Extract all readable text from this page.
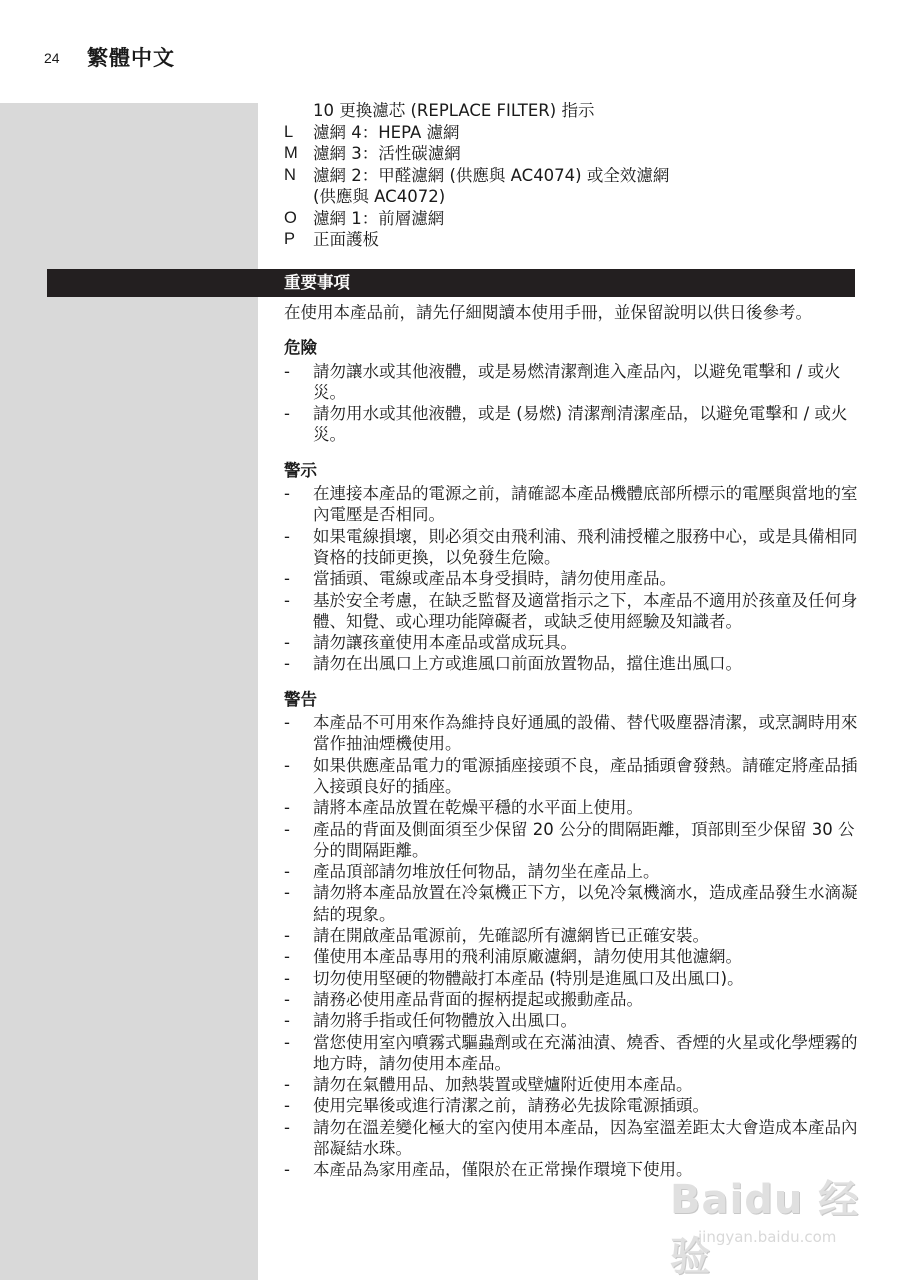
24 繁體中文
10 更換濾芯 (REPLACE FILTER) 指示
L	濾網 4：HEPA 濾網
M 濾網 3：活性碳濾網
N	濾網 2：甲醛濾網 (供應與 AC4074) 或全效濾網
(供應與 AC4072)
O 濾網 1：前層濾網
P	正面護板
重要事項

在使用本產品前，請先仔細閱讀本使用手冊，並保留說明以供日後參考。

危險
-	請勿讓水或其他液體，或是易燃清潔劑進入產品內，以避免電擊和 / 或火災。
-	請勿用水或其他液體，或是 (易燃) 清潔劑清潔產品，以避免電擊和 / 或火災。
警示
-	在連接本產品的電源之前，請確認本產品機體底部所標示的電壓與當地的室內電壓是否相同。
-	如果電線損壞，則必須交由飛利浦、飛利浦授權之服務中心，或是具備相同資格的技師更換，以免發生危險。
-	當插頭、電線或產品本身受損時，請勿使用產品。
-	基於安全考慮，在缺乏監督及適當指示之下，本產品不適用於孩童及任何身體、知覺、或心理功能障礙者，或缺乏使用經驗及知識者。
-	請勿讓孩童使用本產品或當成玩具。
-	請勿在出風口上方或進風口前面放置物品，擋住進出風口。
警告
-	本產品不可用來作為維持良好通風的設備、替代吸塵器清潔，或烹調時用來當作抽油煙機使用。
-	如果供應產品電力的電源插座接頭不良，產品插頭會發熱。請確定將產品插入接頭良好的插座。
-	請將本產品放置在乾燥平穩的水平面上使用。
-	產品的背面及側面須至少保留 20 公分的間隔距離，頂部則至少保留 30 公分的間隔距離。
-	產品頂部請勿堆放任何物品，請勿坐在產品上。
-	請勿將本產品放置在冷氣機正下方，以免冷氣機滴水，造成產品發生水滴凝結的現象。
-	請在開啟產品電源前，先確認所有濾網皆已正確安裝。
-	僅使用本產品專用的飛利浦原廠濾網，請勿使用其他濾網。
-	切勿使用堅硬的物體敲打本產品 (特別是進風口及出風口)。
-	請務必使用產品背面的握柄提起或搬動產品。
-	請勿將手指或任何物體放入出風口。
-	當您使用室內噴霧式驅蟲劑或在充滿油漬、燒香、香煙的火星或化學煙霧的地方時，請勿使用本產品。
-	請勿在氣體用品、加熱裝置或壁爐附近使用本產品。
-	使用完畢後或進行清潔之前，請務必先拔除電源插頭。
-	請勿在溫差變化極大的室內使用本產品，因為室溫差距太大會造成本產品內部凝結水珠。
-	本產品為家用產品，僅限於在正常操作環境下使用。
Baidu 经验
jingyan.baidu.com
